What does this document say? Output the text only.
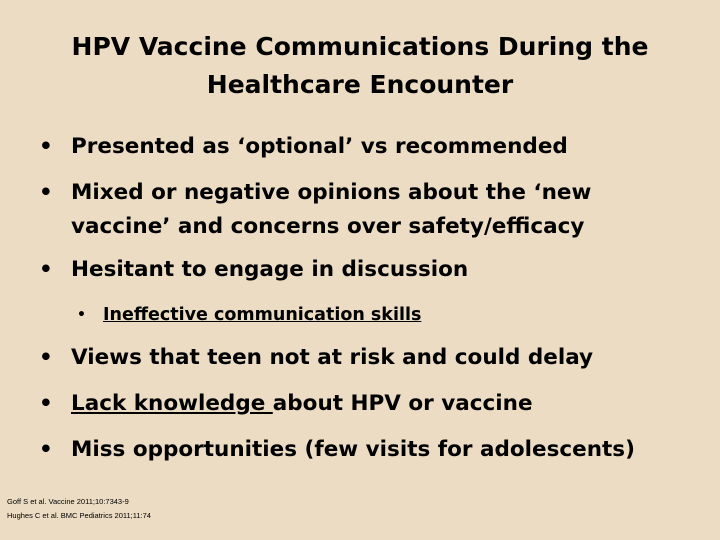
HPV Vaccine Communications During the
Healthcare Encounter
• Presented as ‘optional’ vs recommended
• Mixed or negative opinions about the ‘new
vaccine’ and concerns over safety/efficacy
• Hesitant to engage in discussion
• Ineffective communication skills
• Views that teen not at risk and could delay
• Lack knowledge about HPV or vaccine
• Miss opportunities (few visits for adolescents)
Goff S et al. Vaccine 2011;10:7343-9
Hughes C et al. BMC Pediatrics 2011;11:74
